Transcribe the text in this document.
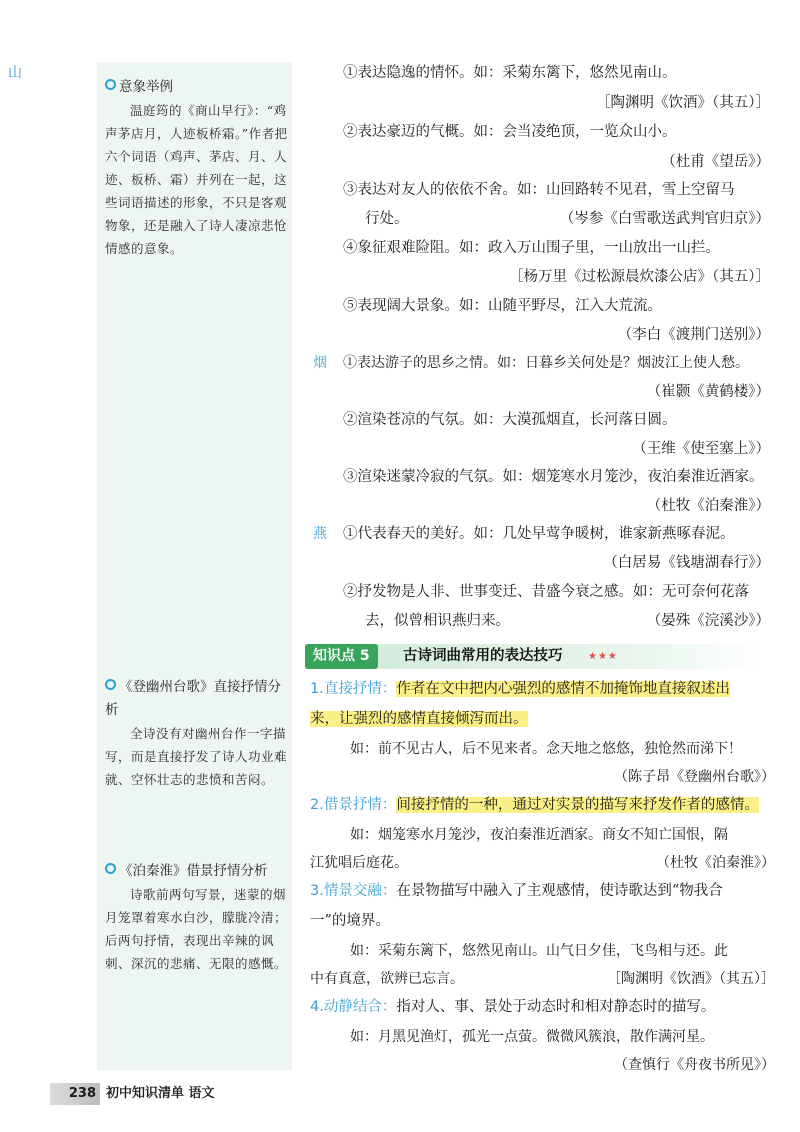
意象举例
温庭筠的《商山早行》：“鸡声茅店月，人迹板桥霜。”作者把六个词语（鸡声、茅店、月、人迹、板桥、霜）并列在一起，这些词语描述的形象，不只是客观物象，还是融入了诗人凄凉悲怆情感的意象。
《登幽州台歌》直接抒情分析
全诗没有对幽州台作一字描写，而是直接抒发了诗人功业难就、空怀壮志的悲愤和苦闷。
《泊秦淮》借景抒情分析
诗歌前两句写景，迷蒙的烟月笼罩着寒水白沙，朦胧冷清；后两句抒情，表现出辛辣的讽刺、深沉的悲痛、无限的感慨。
山	①表达隐逸的情怀。如：采菊东篱下，悠然见南山。
［陶渊明《饮酒》（其五）］
②表达豪迈的气概。如：会当凌绝顶，一览众山小。
（杜甫《望岳》）
③表达对友人的依依不舍。如：山回路转不见君，雪上空留马
行处。	（岑参《白雪歌送武判官归京》）
④象征艰难险阻。如：政入万山围子里，一山放出一山拦。
［杨万里《过松源晨炊漆公店》（其五）］
⑤表现阔大景象。如：山随平野尽，江入大荒流。
（李白《渡荆门送别》）
烟 ①表达游子的思乡之情。如：日暮乡关何处是？烟波江上使人愁。
（崔颢《黄鹤楼》）
②渲染苍凉的气氛。如：大漠孤烟直，长河落日圆。
（王维《使至塞上》）
③渲染迷蒙冷寂的气氛。如：烟笼寒水月笼沙，夜泊秦淮近酒家。
（杜牧《泊秦淮》）
燕 ①代表春天的美好。如：几处早莺争暖树，谁家新燕啄春泥。
（白居易《钱塘湖春行》）
②抒发物是人非、世事变迁、昔盛今衰之感。如：无可奈何花落
去，似曾相识燕归来。	（晏殊《浣溪沙》）
知识点 5	古诗词曲常用的表达技巧	★★★
1.直接抒情：作者在文中把内心强烈的感情不加掩饰地直接叙述出
来，让强烈的感情直接倾泻而出。
如：前不见古人，后不见来者。念天地之悠悠，独怆然而涕下！
（陈子昂《登幽州台歌》）
2.借景抒情：间接抒情的一种，通过对实景的描写来抒发作者的感情。
如：烟笼寒水月笼沙，夜泊秦淮近酒家。商女不知亡国恨，隔
江犹唱后庭花。	（杜牧《泊秦淮》）
3.情景交融：在景物描写中融入了主观感情，使诗歌达到“物我合
一”的境界。
如：采菊东篱下，悠然见南山。山气日夕佳，飞鸟相与还。此
中有真意，欲辨已忘言。	［陶渊明《饮酒》（其五）］
4.动静结合：指对人、事、景处于动态时和相对静态时的描写。
如：月黑见渔灯，孤光一点萤。微微风簇浪，散作满河星。
（查慎行《舟夜书所见》）
238 初中知识清单 语文
